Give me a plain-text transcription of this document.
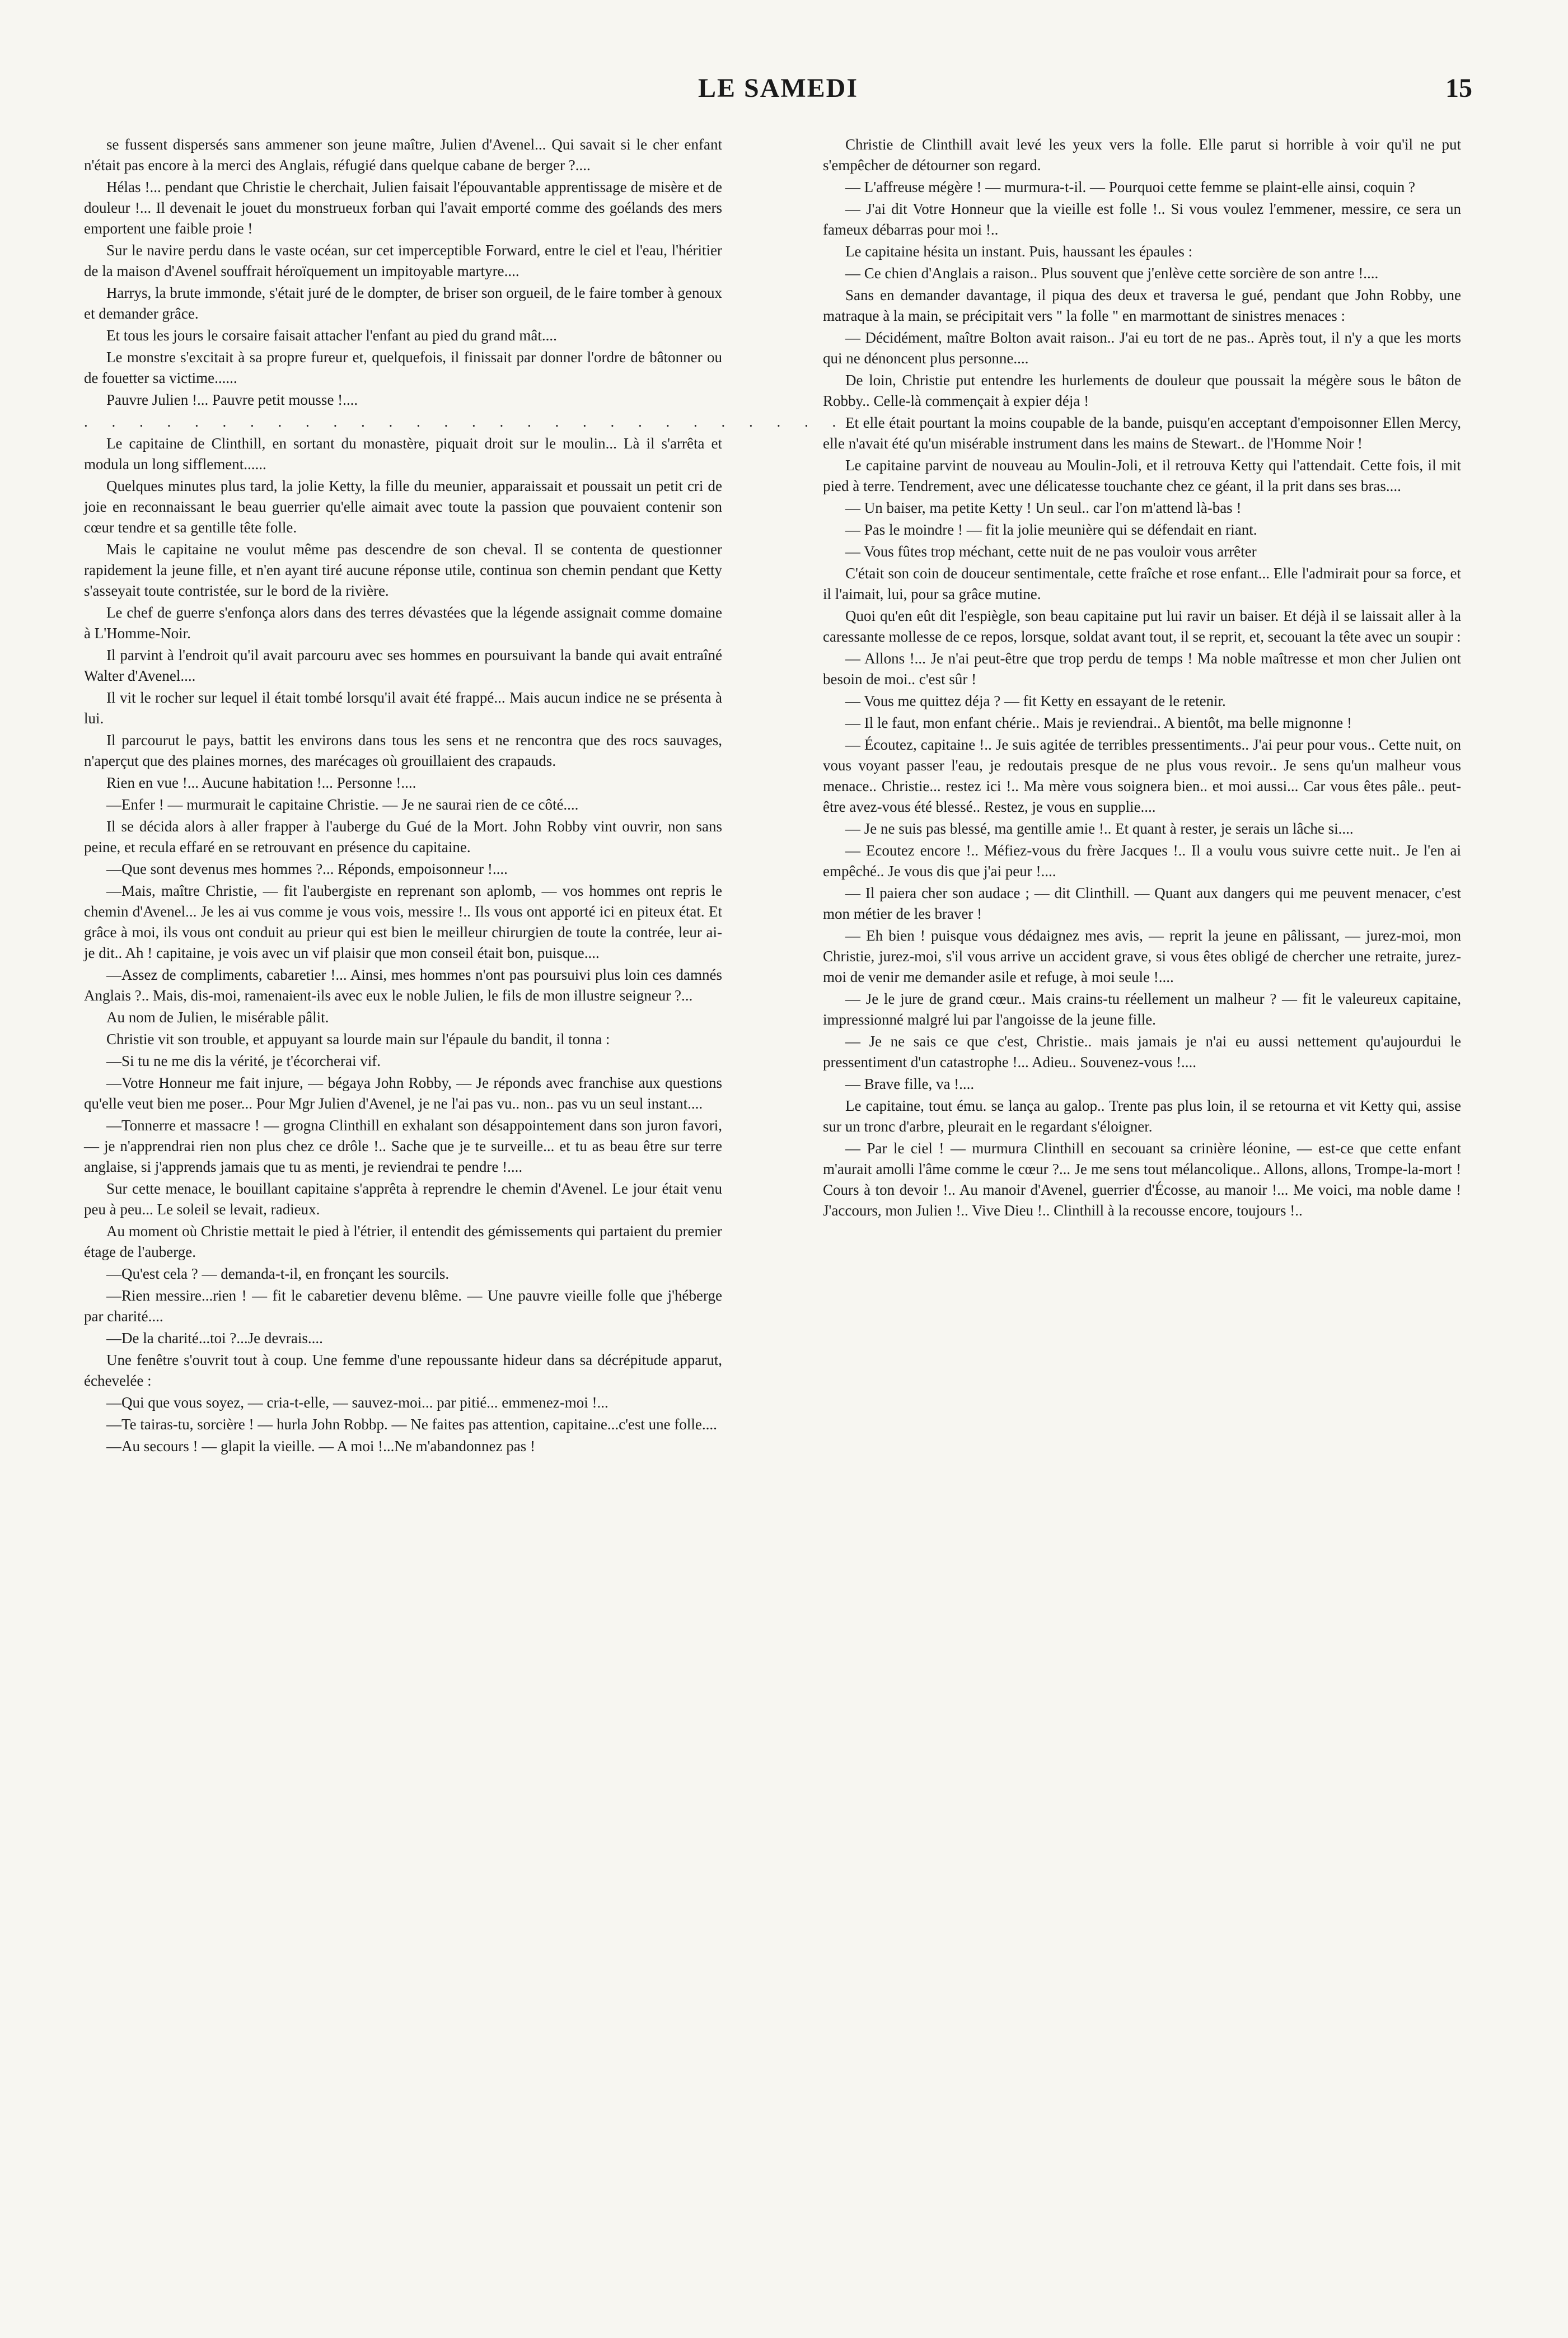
LE SAMEDI	15

se fussent dispersés sans ammener son jeune maître, Julien d'Avenel... Qui savait si le cher enfant n'était pas encore à la merci des Anglais, réfugié dans quelque cabane de berger ?....

Hélas !... pendant que Christie le cherchait, Julien faisait l'épouvantable apprentissage de misère et de douleur !... Il devenait le jouet du monstrueux forban qui l'avait emporté comme des goélands des mers emportent une faible proie !

Sur le navire perdu dans le vaste océan, sur cet imperceptible Forward, entre le ciel et l'eau, l'héritier de la maison d'Avenel souffrait héroïquement un impitoyable martyre....

Harrys, la brute immonde, s'était juré de le dompter, de briser son orgueil, de le faire tomber à genoux et demander grâce.

Et tous les jours le corsaire faisait attacher l'enfant au pied du grand mât....

Le monstre s'excitait à sa propre fureur et, quelquefois, il finissait par donner l'ordre de bâtonner ou de fouetter sa victime......

Pauvre Julien !... Pauvre petit mousse !....

. . . . . . . . . . . . . . . . . . . . . . . . . . . .

Le capitaine de Clinthill, en sortant du monastère, piquait droit sur le moulin... Là il s'arrêta et modula un long sifflement......

Quelques minutes plus tard, la jolie Ketty, la fille du meunier, apparaissait et poussait un petit cri de joie en reconnaissant le beau guerrier qu'elle aimait avec toute la passion que pouvaient contenir son cœur tendre et sa gentille tête folle.

Mais le capitaine ne voulut même pas descendre de son cheval. Il se contenta de questionner rapidement la jeune fille, et n'en ayant tiré aucune réponse utile, continua son chemin pendant que Ketty s'asseyait toute contristée, sur le bord de la rivière.

Le chef de guerre s'enfonça alors dans des terres dévastées que la légende assignait comme domaine à L'Homme-Noir.

Il parvint à l'endroit qu'il avait parcouru avec ses hommes en poursuivant la bande qui avait entraîné Walter d'Avenel....

Il vit le rocher sur lequel il était tombé lorsqu'il avait été frappé... Mais aucun indice ne se présenta à lui.

Il parcourut le pays, battit les environs dans tous les sens et ne rencontra que des rocs sauvages, n'aperçut que des plaines mornes, des marécages où grouillaient des crapauds.

Rien en vue !... Aucune habitation !... Personne !....

—Enfer ! — murmurait le capitaine Christie. — Je ne saurai rien de ce côté....

Il se décida alors à aller frapper à l'auberge du Gué de la Mort. John Robby vint ouvrir, non sans peine, et recula effaré en se retrouvant en présence du capitaine.

—Que sont devenus mes hommes ?... Réponds, empoisonneur !....

—Mais, maître Christie, — fit l'aubergiste en reprenant son aplomb, — vos hommes ont repris le chemin d'Avenel... Je les ai vus comme je vous vois, messire !.. Ils vous ont apporté ici en piteux état. Et grâce à moi, ils vous ont conduit au prieur qui est bien le meilleur chirurgien de toute la contrée, leur ai-je dit.. Ah ! capitaine, je vois avec un vif plaisir que mon conseil était bon, puisque....

—Assez de compliments, cabaretier !... Ainsi, mes hommes n'ont pas poursuivi plus loin ces damnés Anglais ?.. Mais, dis-moi, ramenaient-ils avec eux le noble Julien, le fils de mon illustre seigneur ?...

Au nom de Julien, le misérable pâlit.

Christie vit son trouble, et appuyant sa lourde main sur l'épaule du bandit, il tonna :

—Si tu ne me dis la vérité, je t'écorcherai vif.

—Votre Honneur me fait injure, — bégaya John Robby, — Je réponds avec franchise aux questions qu'elle veut bien me poser... Pour Mgr Julien d'Avenel, je ne l'ai pas vu.. non.. pas vu un seul instant....

—Tonnerre et massacre ! — grogna Clinthill en exhalant son désappointement dans son juron favori, — je n'apprendrai rien non plus chez ce drôle !.. Sache que je te surveille... et tu as beau être sur terre anglaise, si j'apprends jamais que tu as menti, je reviendrai te pendre !....

Sur cette menace, le bouillant capitaine s'apprêta à reprendre le chemin d'Avenel. Le jour était venu peu à peu... Le soleil se levait, radieux.

Au moment où Christie mettait le pied à l'étrier, il entendit des gémissements qui partaient du premier étage de l'auberge.

—Qu'est cela ? — demanda-t-il, en fronçant les sourcils.

—Rien messire...rien ! — fit le cabaretier devenu blême. — Une pauvre vieille folle que j'héberge par charité....

—De la charité...toi ?...Je devrais....

Une fenêtre s'ouvrit tout à coup. Une femme d'une repoussante hideur dans sa décrépitude apparut, échevelée :

—Qui que vous soyez, — cria-t-elle, — sauvez-moi... par pitié... emmenez-moi !...

—Te tairas-tu, sorcière ! — hurla John Robbp. — Ne faites pas attention, capitaine...c'est une folle....

—Au secours ! — glapit la vieille. — A moi !...Ne m'abandonnez pas !

Christie de Clinthill avait levé les yeux vers la folle. Elle parut si horrible à voir qu'il ne put s'empêcher de détourner son regard.

— L'affreuse mégère ! — murmura-t-il. — Pourquoi cette femme se plaint-elle ainsi, coquin ?

— J'ai dit Votre Honneur que la vieille est folle !.. Si vous voulez l'emmener, messire, ce sera un fameux débarras pour moi !..

Le capitaine hésita un instant. Puis, haussant les épaules :

— Ce chien d'Anglais a raison.. Plus souvent que j'enlève cette sorcière de son antre !....

Sans en demander davantage, il piqua des deux et traversa le gué, pendant que John Robby, une matraque à la main, se précipitait vers " la folle " en marmottant de sinistres menaces :

— Décidément, maître Bolton avait raison.. J'ai eu tort de ne pas.. Après tout, il n'y a que les morts qui ne dénoncent plus personne....

De loin, Christie put entendre les hurlements de douleur que poussait la mégère sous le bâton de Robby.. Celle-là commençait à expier déja !

Et elle était pourtant la moins coupable de la bande, puisqu'en acceptant d'empoisonner Ellen Mercy, elle n'avait été qu'un misérable instrument dans les mains de Stewart.. de l'Homme Noir !

Le capitaine parvint de nouveau au Moulin-Joli, et il retrouva Ketty qui l'attendait. Cette fois, il mit pied à terre. Tendrement, avec une délicatesse touchante chez ce géant, il la prit dans ses bras....

— Un baiser, ma petite Ketty ! Un seul.. car l'on m'attend là-bas !

— Pas le moindre ! — fit la jolie meunière qui se défendait en riant.

— Vous fûtes trop méchant, cette nuit de ne pas vouloir vous arrêter

C'était son coin de douceur sentimentale, cette fraîche et rose enfant... Elle l'admirait pour sa force, et il l'aimait, lui, pour sa grâce mutine.

Quoi qu'en eût dit l'espiègle, son beau capitaine put lui ravir un baiser. Et déjà il se laissait aller à la caressante mollesse de ce repos, lorsque, soldat avant tout, il se reprit, et, secouant la tête avec un soupir :

— Allons !... Je n'ai peut-être que trop perdu de temps ! Ma noble maîtresse et mon cher Julien ont besoin de moi.. c'est sûr !

— Vous me quittez déja ? — fit Ketty en essayant de le retenir.

— Il le faut, mon enfant chérie.. Mais je reviendrai.. A bientôt, ma belle mignonne !

— Écoutez, capitaine !.. Je suis agitée de terribles pressentiments.. J'ai peur pour vous.. Cette nuit, on vous voyant passer l'eau, je redoutais presque de ne plus vous revoir.. Je sens qu'un malheur vous menace.. Christie... restez ici !.. Ma mère vous soignera bien.. et moi aussi... Car vous êtes pâle.. peut-être avez-vous été blessé.. Restez, je vous en supplie....

— Je ne suis pas blessé, ma gentille amie !.. Et quant à rester, je serais un lâche si....

— Ecoutez encore !.. Méfiez-vous du frère Jacques !.. Il a voulu vous suivre cette nuit.. Je l'en ai empêché.. Je vous dis que j'ai peur !....

— Il paiera cher son audace ; — dit Clinthill. — Quant aux dangers qui me peuvent menacer, c'est mon métier de les braver !

— Eh bien ! puisque vous dédaignez mes avis, — reprit la jeune en pâlissant, — jurez-moi, mon Christie, jurez-moi, s'il vous arrive un accident grave, si vous êtes obligé de chercher une retraite, jurez-moi de venir me demander asile et refuge, à moi seule !....

— Je le jure de grand cœur.. Mais crains-tu réellement un malheur ? — fit le valeureux capitaine, impressionné malgré lui par l'angoisse de la jeune fille.

— Je ne sais ce que c'est, Christie.. mais jamais je n'ai eu aussi nettement qu'aujourdui le pressentiment d'un catastrophe !... Adieu.. Souvenez-vous !....

— Brave fille, va !....

Le capitaine, tout ému. se lança au galop.. Trente pas plus loin, il se retourna et vit Ketty qui, assise sur un tronc d'arbre, pleurait en le regardant s'éloigner.

— Par le ciel ! — murmura Clinthill en secouant sa crinière léonine, — est-ce que cette enfant m'aurait amolli l'âme comme le cœur ?... Je me sens tout mélancolique.. Allons, allons, Trompe-la-mort ! Cours à ton devoir !.. Au manoir d'Avenel, guerrier d'Écosse, au manoir !... Me voici, ma noble dame ! J'accours, mon Julien !.. Vive Dieu !.. Clinthill à la recousse encore, toujours !..
